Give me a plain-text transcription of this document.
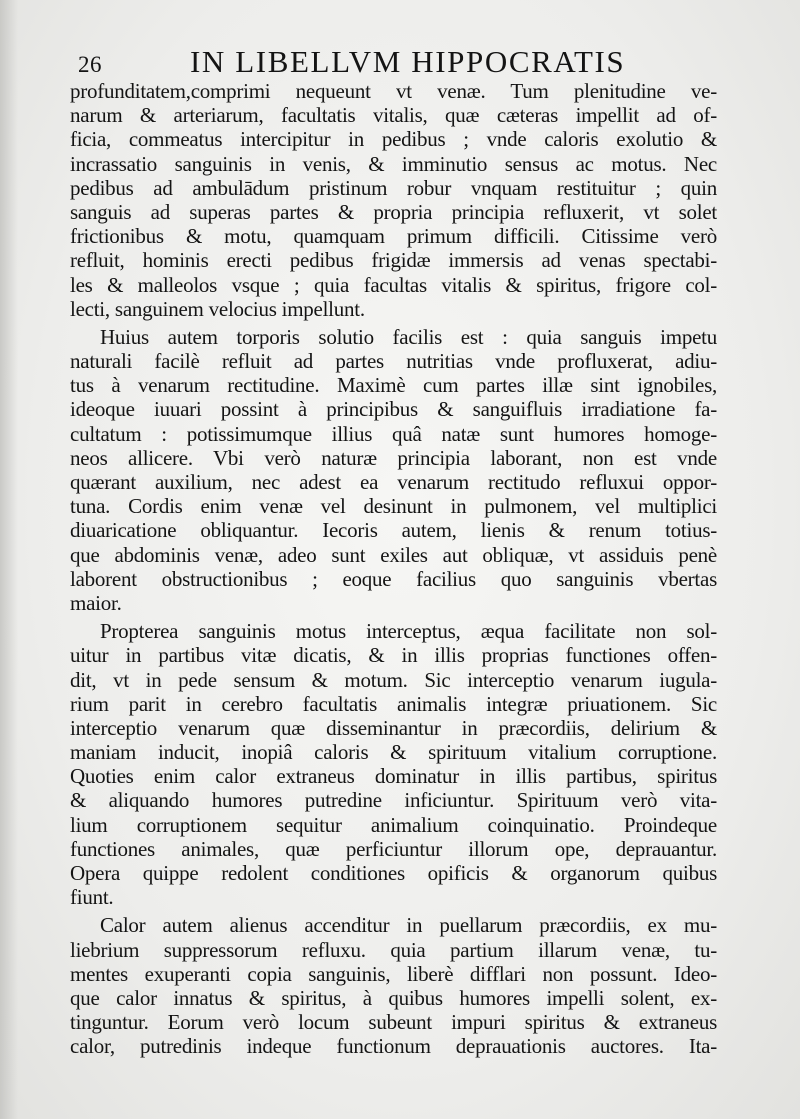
26	IN LIBELLVM HIPPOCRATIS
profunditatem,comprimi nequeunt vt venæ. Tum plenitudine ve-
narum & arteriarum, facultatis vitalis, quæ cæteras impellit ad of-
ficia, commeatus intercipitur in pedibus ; vnde caloris exolutio &
incrassatio sanguinis in venis, & imminutio sensus ac motus. Nec
pedibus ad ambulādum pristinum robur vnquam restituitur ; quin
sanguis ad superas partes & propria principia refluxerit, vt solet
frictionibus & motu, quamquam primum difficili. Citissime verò
refluit, hominis erecti pedibus frigidæ immersis ad venas spectabi-
les & malleolos vsque ; quia facultas vitalis & spiritus, frigore col-
lecti, sanguinem velocius impellunt.
Huius autem torporis solutio facilis est : quia sanguis impetu
naturali facilè refluit ad partes nutritias vnde profluxerat, adiu-
tus à venarum rectitudine. Maximè cum partes illæ sint ignobiles,
ideoque iuuari possint à principibus & sanguifluis irradiatione fa-
cultatum : potissimumque illius quâ natæ sunt humores homoge-
neos allicere. Vbi verò naturæ principia laborant, non est vnde
quærant auxilium, nec adest ea venarum rectitudo refluxui oppor-
tuna. Cordis enim venæ vel desinunt in pulmonem, vel multiplici
diuaricatione obliquantur. Iecoris autem, lienis & renum totius-
que abdominis venæ, adeo sunt exiles aut obliquæ, vt assiduis penè
laborent obstructionibus ; eoque facilius quo sanguinis vbertas
maior.
Propterea sanguinis motus interceptus, æqua facilitate non sol-
uitur in partibus vitæ dicatis, & in illis proprias functiones offen-
dit, vt in pede sensum & motum. Sic interceptio venarum iugula-
rium parit in cerebro facultatis animalis integræ priuationem. Sic
interceptio venarum quæ disseminantur in præcordiis, delirium &
maniam inducit, inopiâ caloris & spirituum vitalium corruptione.
Quoties enim calor extraneus dominatur in illis partibus, spiritus
& aliquando humores putredine inficiuntur. Spirituum verò vita-
lium corruptionem sequitur animalium coinquinatio. Proindeque
functiones animales, quæ perficiuntur illorum ope, deprauantur.
Opera quippe redolent conditiones opificis & organorum quibus
fiunt.
Calor autem alienus accenditur in puellarum præcordiis, ex mu-
liebrium suppressorum refluxu. quia partium illarum venæ, tu-
mentes exuperanti copia sanguinis, liberè difflari non possunt. Ideo-
que calor innatus & spiritus, à quibus humores impelli solent, ex-
tinguntur. Eorum verò locum subeunt impuri spiritus & extraneus
calor, putredinis indeque functionum deprauationis auctores. Ita-
